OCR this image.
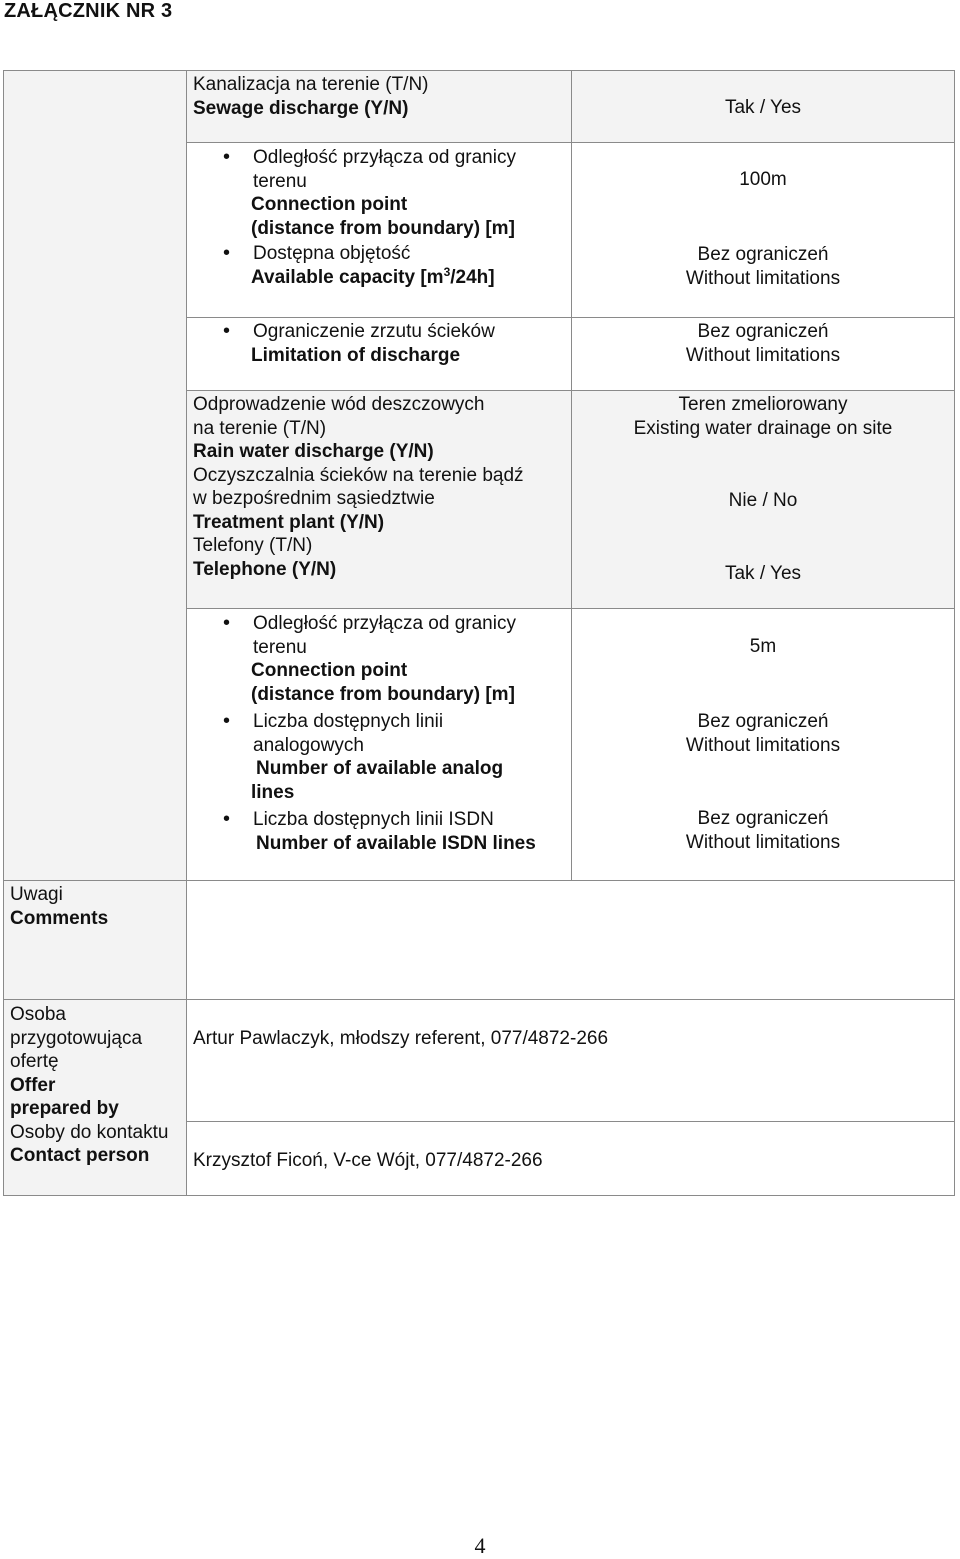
ZAŁĄCZNIK NR 3
Kanalizacja na terenie (T/N)
Sewage discharge (Y/N)	Tak / Yes
• Odległość przyłącza od granicy
terenu
Connection point
(distance from boundary) [m]
• Dostępna objętość
Available capacity $[m^3/24h]$
100m
Bez ograniczeń
Without limitations
• Ograniczenie zrzutu ścieków
Limitation of discharge
Bez ograniczeń
Without limitations
Odprowadzenie wód deszczowych
na terenie (T/N)
Rain water discharge (Y/N)
Oczyszczalnia ścieków na terenie bądź
w bezpośrednim sąsiedztwie
Treatment plant (Y/N)
Telefony (T/N)
Telephone (Y/N)
Teren zmeliorowany
Existing water drainage on site
Nie / No
Tak / Yes
• Odległość przyłącza od granicy
terenu
Connection point
(distance from boundary) [m]
• Liczba dostępnych linii
analogowych
Number of available analog
lines
• Liczba dostępnych linii ISDN
Number of available ISDN lines
5m
Bez ograniczeń
Without limitations
Bez ograniczeń
Without limitations
Uwagi
Comments
Osoba
przygotowująca
ofertę
Offer
prepared by
Osoby do kontaktu
Contact person
Artur Pawlaczyk, młodszy referent, 077/4872-266
Krzysztof Ficoń, V-ce Wójt, 077/4872-266
4
